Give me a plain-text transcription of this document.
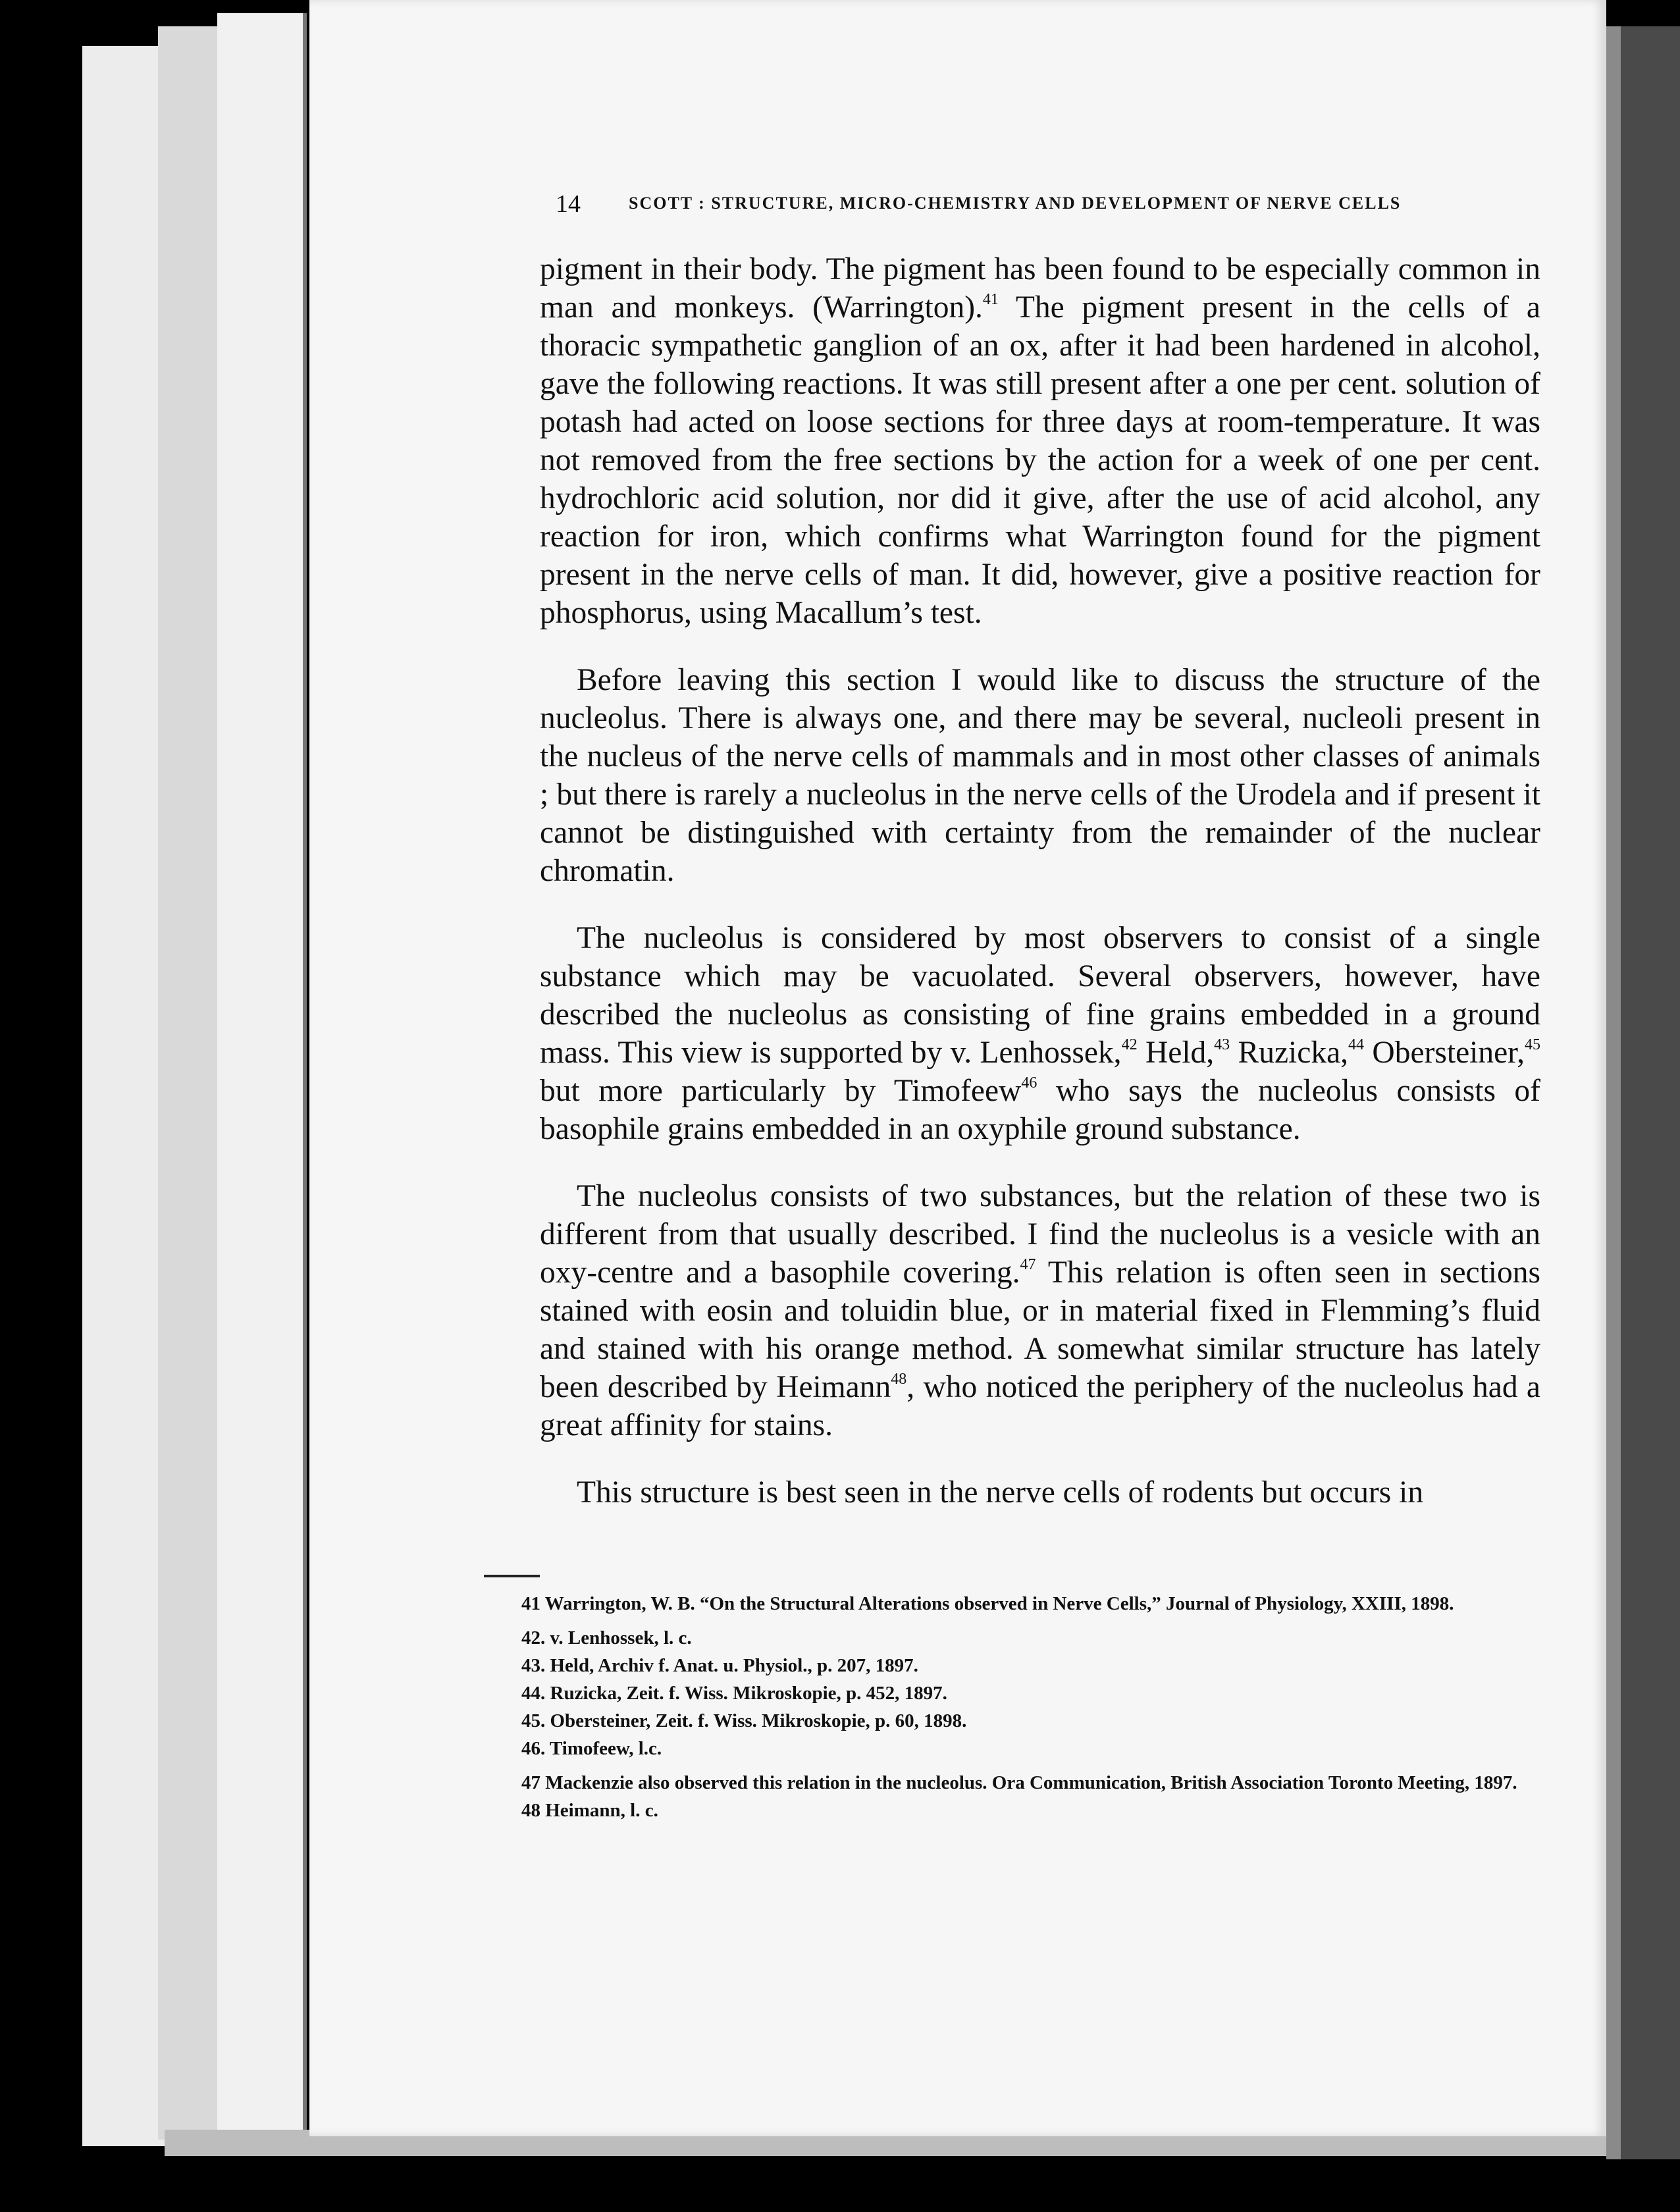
14	SCOTT : STRUCTURE, MICRO-CHEMISTRY AND DEVELOPMENT OF NERVE CELLS

pigment in their body. The pigment has been found to be especially common in man and monkeys. (Warrington).$^{41}$ The pigment present in the cells of a thoracic sympathetic ganglion of an ox, after it had been hardened in alcohol, gave the following reactions. It was still present after a one per cent. solution of potash had acted on loose sections for three days at room-temperature. It was not removed from the free sections by the action for a week of one per cent. hydrochloric acid solution, nor did it give, after the use of acid alcohol, any reaction for iron, which confirms what Warrington found for the pigment present in the nerve cells of man. It did, however, give a positive reaction for phosphorus, using Macallum’s test.

Before leaving this section I would like to discuss the structure of the nucleolus. There is always one, and there may be several, nucleoli present in the nucleus of the nerve cells of mammals and in most other classes of animals ; but there is rarely a nucleolus in the nerve cells of the Urodela and if present it cannot be distinguished with certainty from the remainder of the nuclear chromatin.

The nucleolus is considered by most observers to consist of a single substance which may be vacuolated. Several observers, however, have described the nucleolus as consisting of fine grains embedded in a ground mass. This view is supported by v. Lenhossek,$^{42}$ Held,$^{43}$ Ruzicka,$^{44}$ Obersteiner,$^{45}$ but more particularly by Timofeew$^{46}$ who says the nucleolus consists of basophile grains embedded in an oxyphile ground substance.

The nucleolus consists of two substances, but the relation of these two is different from that usually described. I find the nucleolus is a vesicle with an oxy-centre and a basophile covering.$^{47}$ This relation is often seen in sections stained with eosin and toluidin blue, or in material fixed in Flemming’s fluid and stained with his orange method. A somewhat similar structure has lately been described by Heimann$^{48}$, who noticed the periphery of the nucleolus had a great affinity for stains.

This structure is best seen in the nerve cells of rodents but occurs in

41 Warrington, W. B. “On the Structural Alterations observed in Nerve Cells,” Journal of Physiology, XXIII, 1898.

42. v. Lenhossek, l. c.

43. Held, Archiv f. Anat. u. Physiol., p. 207, 1897.

44. Ruzicka, Zeit. f. Wiss. Mikroskopie, p. 452, 1897.

45. Obersteiner, Zeit. f. Wiss. Mikroskopie, p. 60, 1898.

46. Timofeew, l.c.

47 Mackenzie also observed this relation in the nucleolus. Ora Communication, British Association Toronto Meeting, 1897.

48 Heimann, l. c.
